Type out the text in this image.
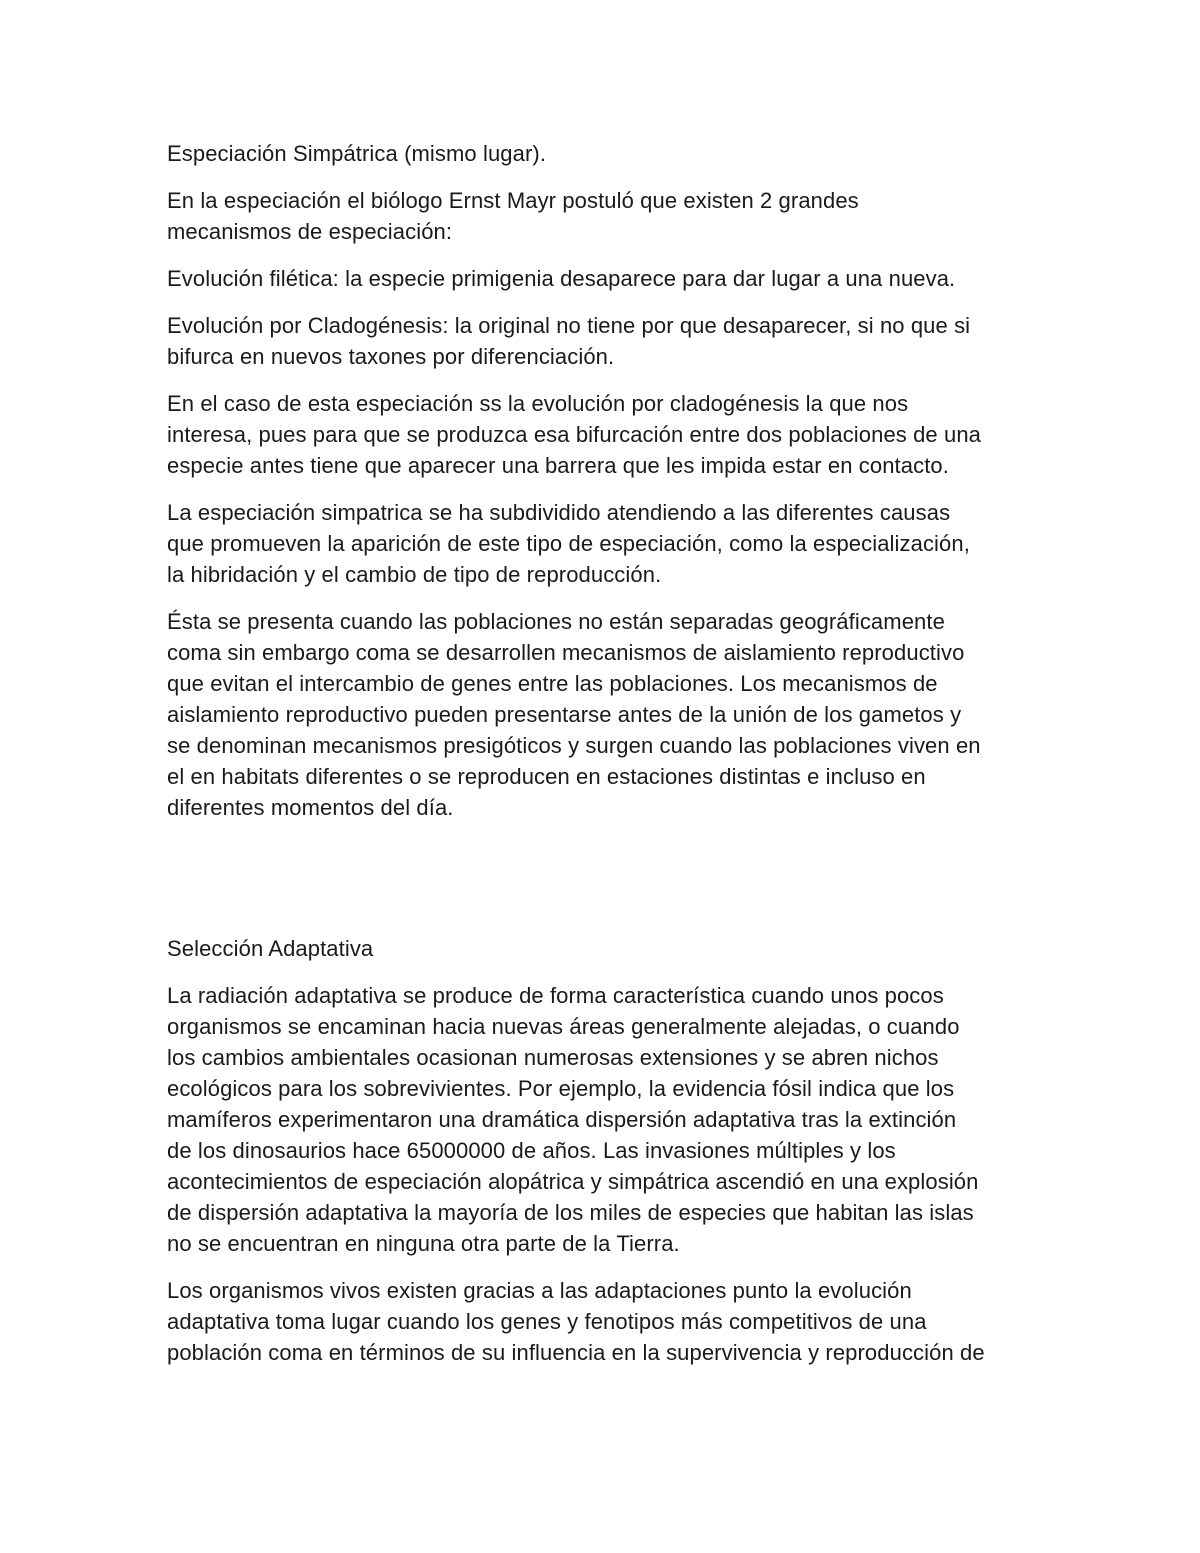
Especiación Simpátrica (mismo lugar).

En la especiación el biólogo Ernst Mayr postuló que existen 2 grandes
mecanismos de especiación:

Evolución filética: la especie primigenia desaparece para dar lugar a una nueva.

Evolución por Cladogénesis: la original no tiene por que desaparecer, si no que si
bifurca en nuevos taxones por diferenciación.

En el caso de esta especiación ss la evolución por cladogénesis la que nos
interesa, pues para que se produzca esa bifurcación entre dos poblaciones de una
especie antes tiene que aparecer una barrera que les impida estar en contacto.

La especiación simpatrica se ha subdividido atendiendo a las diferentes causas
que promueven la aparición de este tipo de especiación, como la especialización,
la hibridación y el cambio de tipo de reproducción.

Ésta se presenta cuando las poblaciones no están separadas geográficamente
coma sin embargo coma se desarrollen mecanismos de aislamiento reproductivo
que evitan el intercambio de genes entre las poblaciones. Los mecanismos de
aislamiento reproductivo pueden presentarse antes de la unión de los gametos y
se denominan mecanismos presigóticos y surgen cuando las poblaciones viven en
el en habitats diferentes o se reproducen en estaciones distintas e incluso en
diferentes momentos del día.

Selección Adaptativa

La radiación adaptativa se produce de forma característica cuando unos pocos
organismos se encaminan hacia nuevas áreas generalmente alejadas, o cuando
los cambios ambientales ocasionan numerosas extensiones y se abren nichos
ecológicos para los sobrevivientes. Por ejemplo, la evidencia fósil indica que los
mamíferos experimentaron una dramática dispersión adaptativa tras la extinción
de los dinosaurios hace 65000000 de años. Las invasiones múltiples y los
acontecimientos de especiación alopátrica y simpátrica ascendió en una explosión
de dispersión adaptativa la mayoría de los miles de especies que habitan las islas
no se encuentran en ninguna otra parte de la Tierra.

Los organismos vivos existen gracias a las adaptaciones punto la evolución
adaptativa toma lugar cuando los genes y fenotipos más competitivos de una
población coma en términos de su influencia en la supervivencia y reproducción de
